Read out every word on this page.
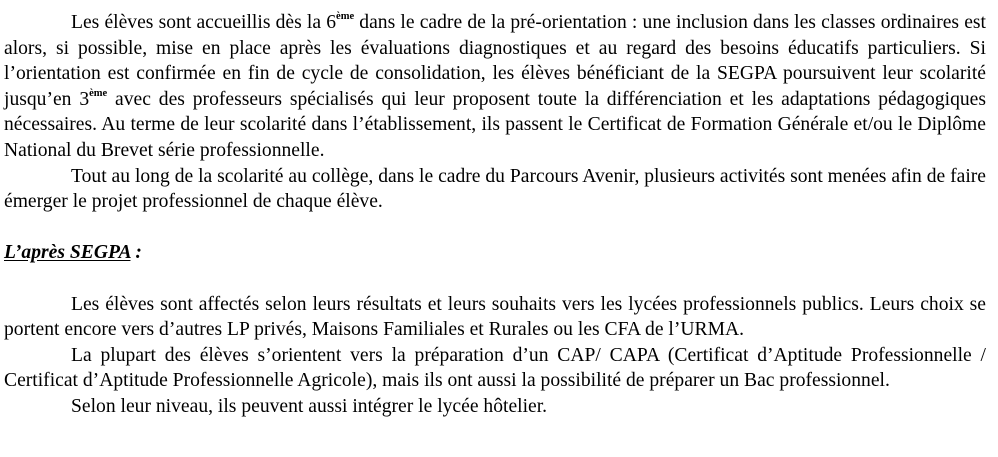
Les élèves sont accueillis dès la 6ème dans le cadre de la pré-orientation : une inclusion dans les classes ordinaires est alors, si possible, mise en place après les évaluations diagnostiques et au regard des besoins éducatifs particuliers. Si l’orientation est confirmée en fin de cycle de consolidation, les élèves bénéficiant de la SEGPA poursuivent leur scolarité jusqu’en 3ème avec des professeurs spécialisés qui leur proposent toute la différenciation et les adaptations pédagogiques nécessaires. Au terme de leur scolarité dans l’établissement, ils passent le Certificat de Formation Générale et/ou le Diplôme National du Brevet série professionnelle.

Tout au long de la scolarité au collège, dans le cadre du Parcours Avenir, plusieurs activités sont menées afin de faire émerger le projet professionnel de chaque élève.

L’après SEGPA :

Les élèves sont affectés selon leurs résultats et leurs souhaits vers les lycées professionnels publics. Leurs choix se portent encore vers d’autres LP privés, Maisons Familiales et Rurales ou les CFA de l’URMA.

La plupart des élèves s’orientent vers la préparation d’un CAP/ CAPA (Certificat d’Aptitude Professionnelle / Certificat d’Aptitude Professionnelle Agricole), mais ils ont aussi la possibilité de préparer un Bac professionnel.

Selon leur niveau, ils peuvent aussi intégrer le lycée hôtelier.
